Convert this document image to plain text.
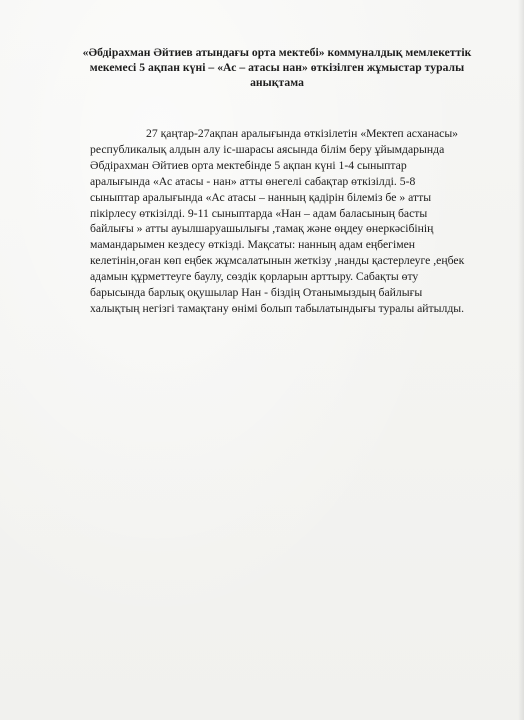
«Әбдірахман Әйтиев атындағы орта мектебі» коммуналдық мемлекеттік
мекемесі 5 ақпан күні – «Ас – атасы нан» өткізілген жұмыстар туралы
анықтама
27 қаңтар-27ақпан аралығында өткізілетін «Мектеп асханасы»
республикалық алдын алу іс-шарасы аясында білім беру ұйымдарында
Әбдірахман Әйтиев орта мектебінде 5 ақпан күні 1-4 сыныптар
аралығында «Ас атасы - нан» атты өнегелі сабақтар өткізілді. 5-8
сыныптар аралығында «Ас атасы – нанның қадірін білеміз бе » атты
пікірлесу өткізілді. 9-11 сыныптарда «Нан – адам баласының басты
байлығы » атты ауылшаруашылығы ,тамақ және өңдеу өнеркәсібінің
мамандарымен кездесу өткізді. Мақсаты: нанның адам еңбегімен
келетінін,оған көп еңбек жұмсалатынын жеткізу ,нанды қастерлеуге ,еңбек
адамын құрметтеуге баулу, сөздік қорларын арттыру. Сабақты өту
барысында барлық оқушылар Нан - біздің Отанымыздың байлығы
халықтың негізгі тамақтану өнімі болып табылатындығы туралы айтылды.
